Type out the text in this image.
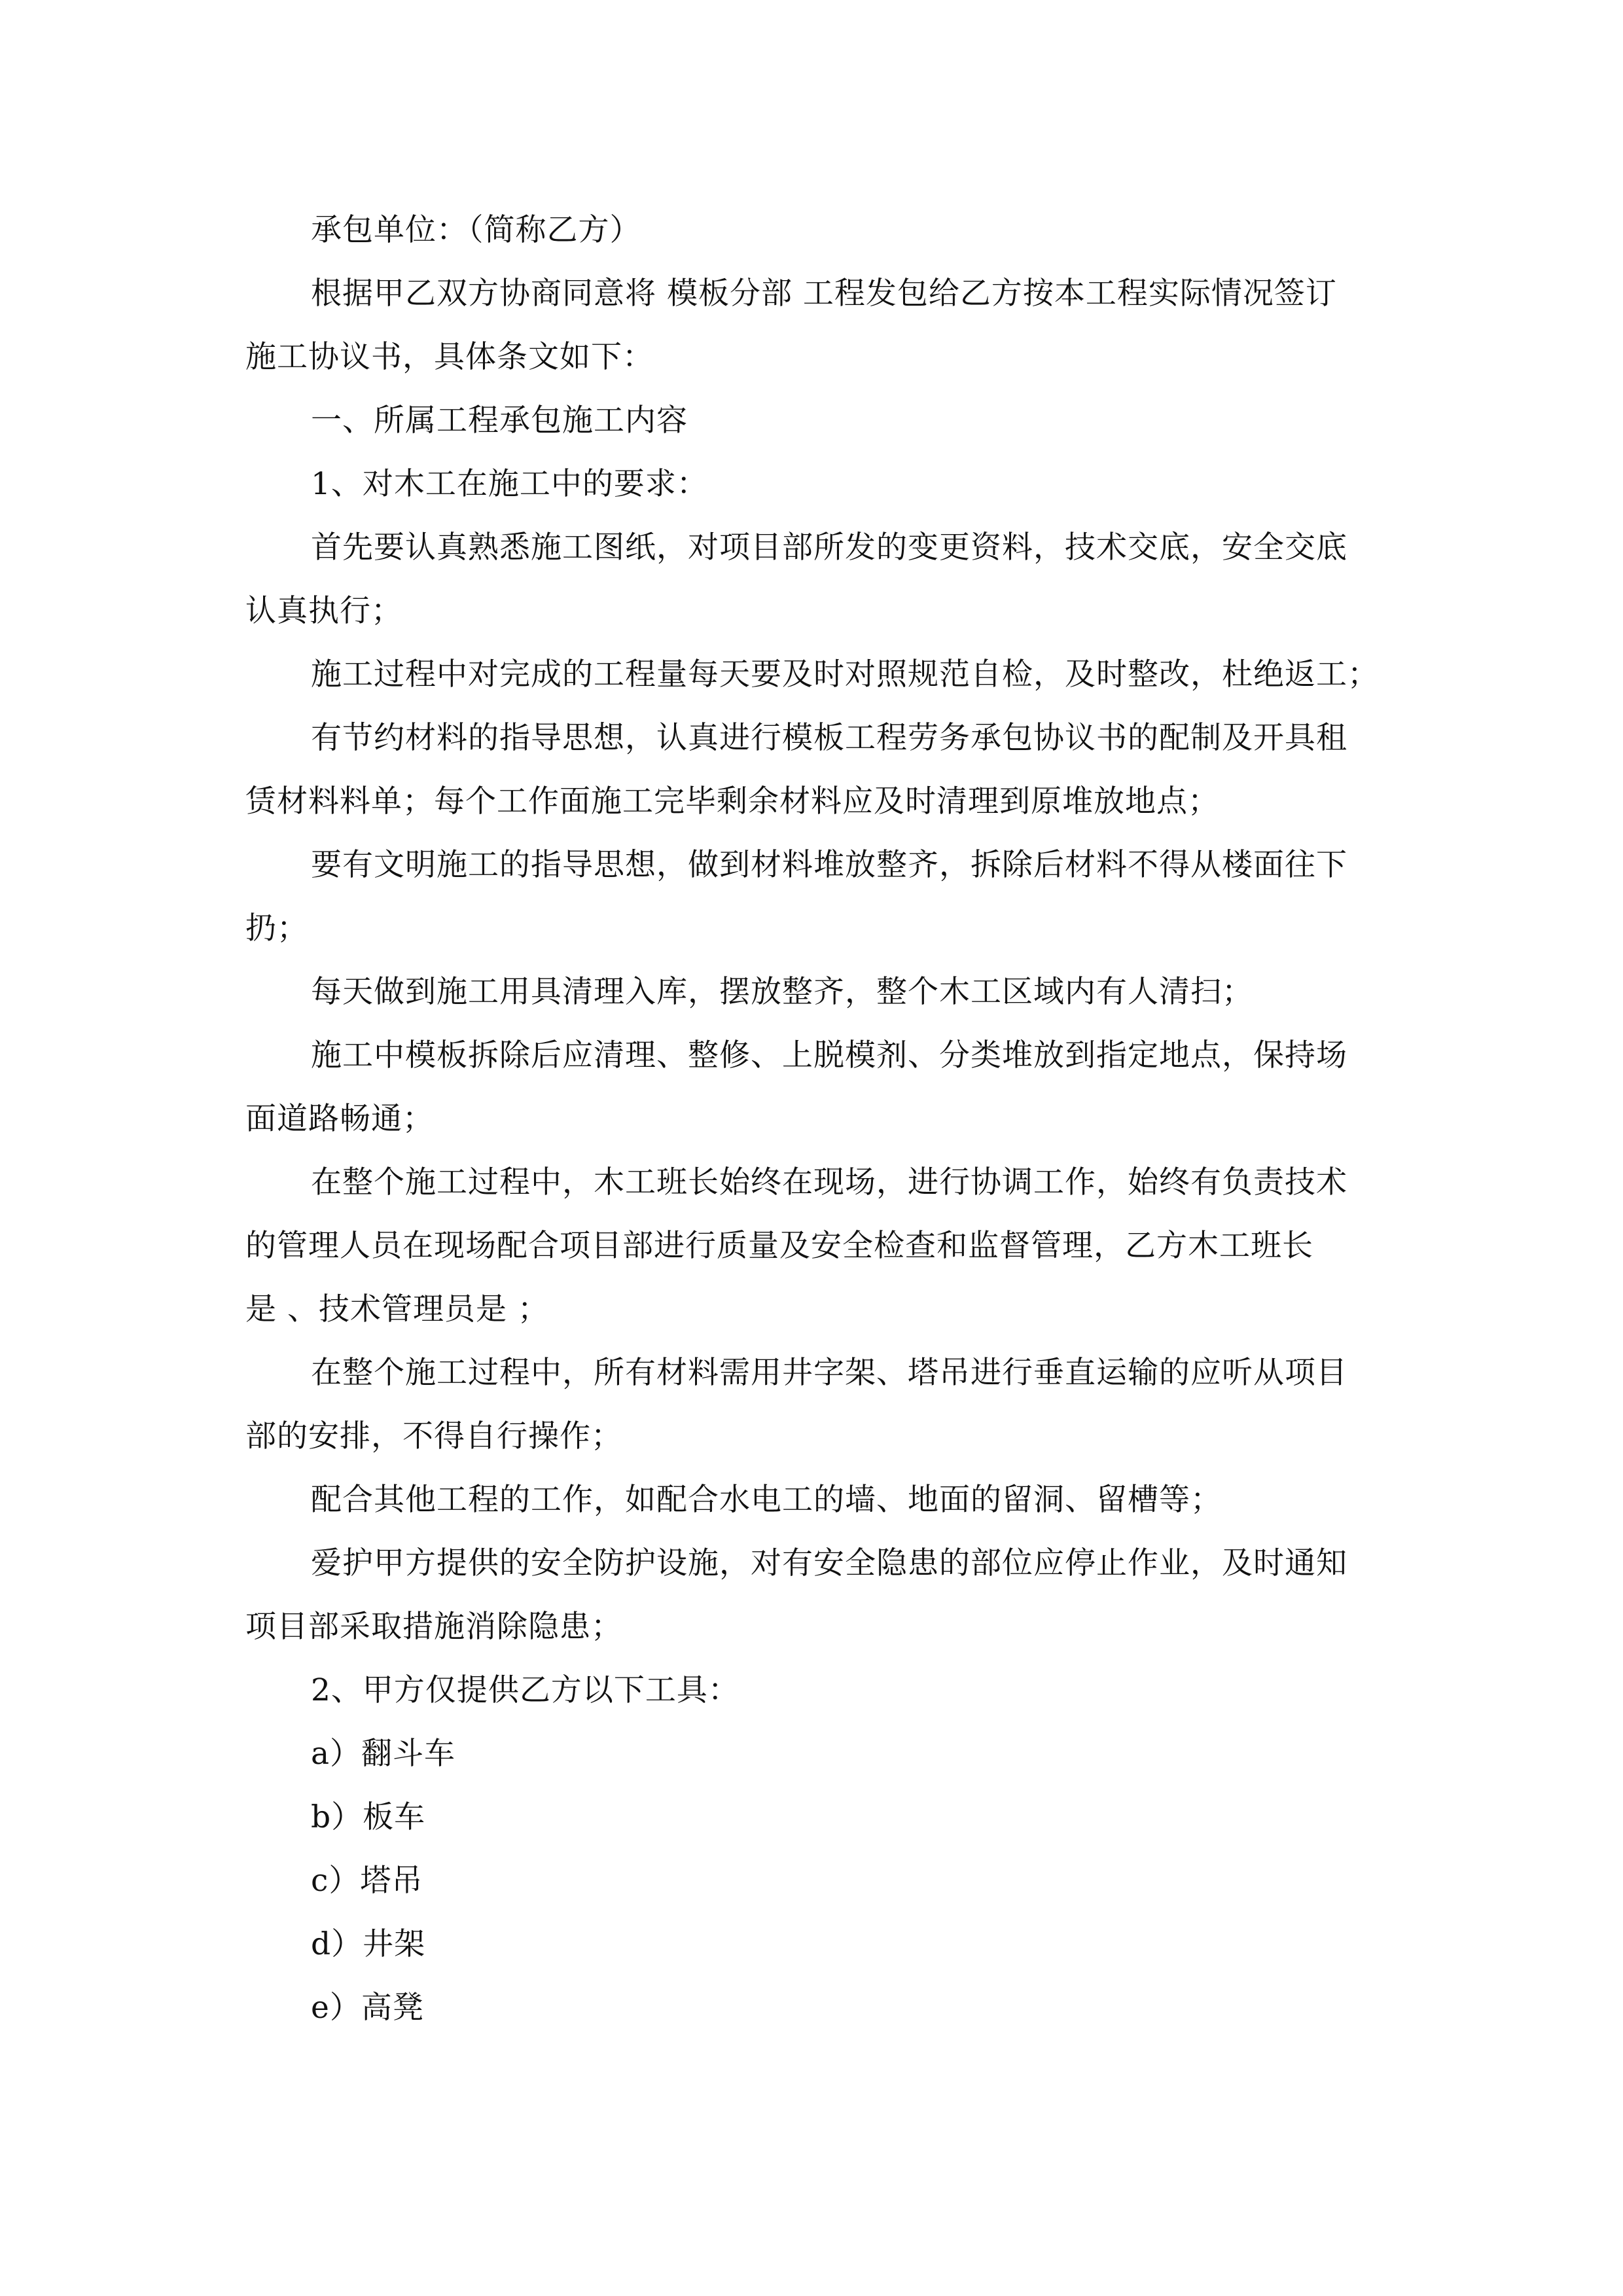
承包单位：（简称乙方）
根据甲乙双方协商同意将 模板分部 工程发包给乙方按本工程实际情况签订
施工协议书，具体条文如下：
一、所属工程承包施工内容
1、对木工在施工中的要求：
首先要认真熟悉施工图纸，对项目部所发的变更资料，技术交底，安全交底
认真执行；
施工过程中对完成的工程量每天要及时对照规范自检，及时整改，杜绝返工；
有节约材料的指导思想，认真进行模板工程劳务承包协议书的配制及开具租
赁材料料单；每个工作面施工完毕剩余材料应及时清理到原堆放地点；
要有文明施工的指导思想，做到材料堆放整齐，拆除后材料不得从楼面往下
扔；
每天做到施工用具清理入库，摆放整齐，整个木工区域内有人清扫；
施工中模板拆除后应清理、整修、上脱模剂、分类堆放到指定地点，保持场
面道路畅通；
在整个施工过程中，木工班长始终在现场，进行协调工作，始终有负责技术
的管理人员在现场配合项目部进行质量及安全检查和监督管理，乙方木工班长
是 、技术管理员是 ；
在整个施工过程中，所有材料需用井字架、塔吊进行垂直运输的应听从项目
部的安排，不得自行操作；
配合其他工程的工作，如配合水电工的墙、地面的留洞、留槽等；
爱护甲方提供的安全防护设施，对有安全隐患的部位应停止作业，及时通知
项目部采取措施消除隐患；
2、甲方仅提供乙方以下工具：
a）翻斗车
b）板车
c）塔吊
d）井架
e）高凳
